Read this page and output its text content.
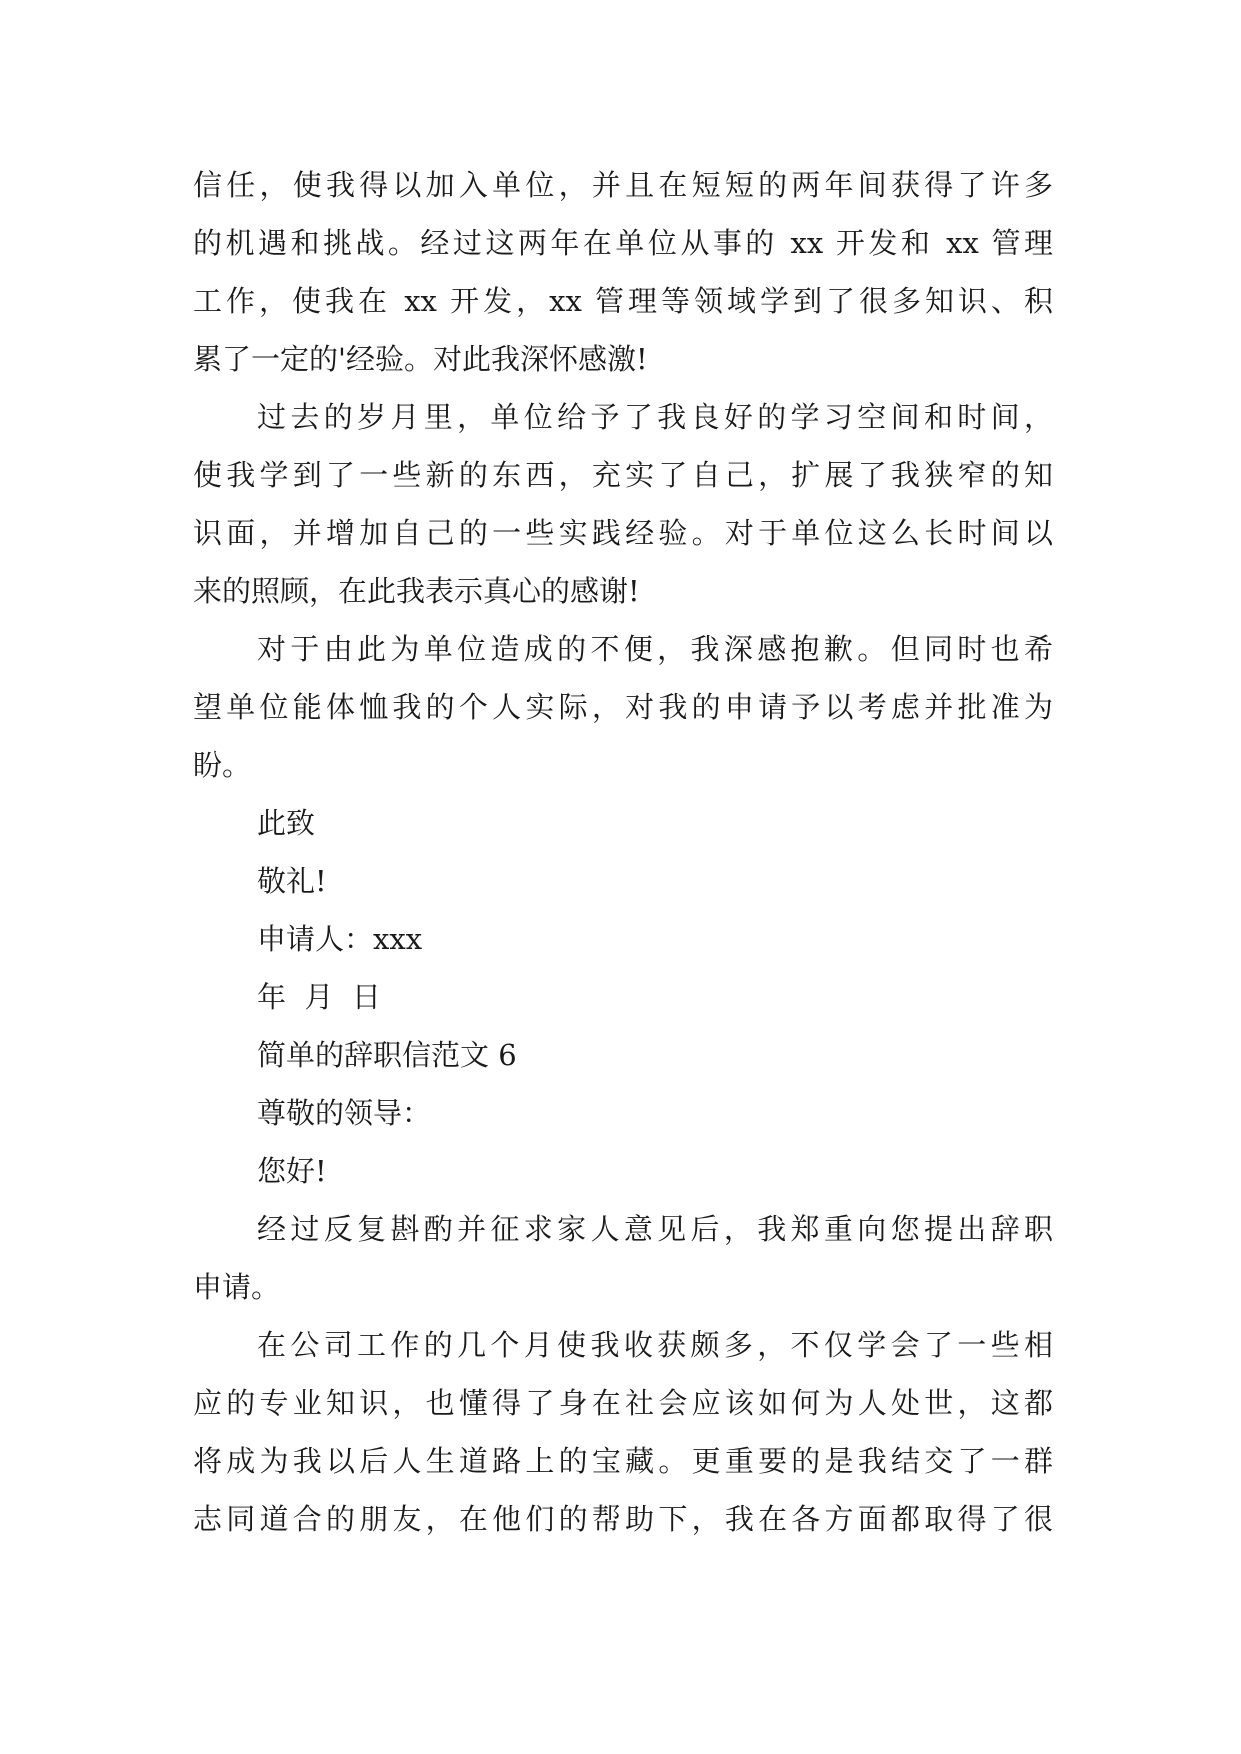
信任，使我得以加入单位，并且在短短的两年间获得了许多
的机遇和挑战。经过这两年在单位从事的 xx 开发和 xx 管理
工作，使我在 xx 开发，xx 管理等领域学到了很多知识、积
累了一定的'经验。对此我深怀感激!
过去的岁月里，单位给予了我良好的学习空间和时间，
使我学到了一些新的东西，充实了自己，扩展了我狭窄的知
识面，并增加自己的一些实践经验。对于单位这么长时间以
来的照顾，在此我表示真心的感谢!
对于由此为单位造成的不便，我深感抱歉。但同时也希
望单位能体恤我的个人实际，对我的申请予以考虑并批准为
盼。
此致
敬礼!
申请人：xxx
年  月  日
简单的辞职信范文 6
尊敬的领导：
您好!
经过反复斟酌并征求家人意见后，我郑重向您提出辞职
申请。
在公司工作的几个月使我收获颇多，不仅学会了一些相
应的专业知识，也懂得了身在社会应该如何为人处世，这都
将成为我以后人生道路上的宝藏。更重要的是我结交了一群
志同道合的朋友，在他们的帮助下，我在各方面都取得了很
